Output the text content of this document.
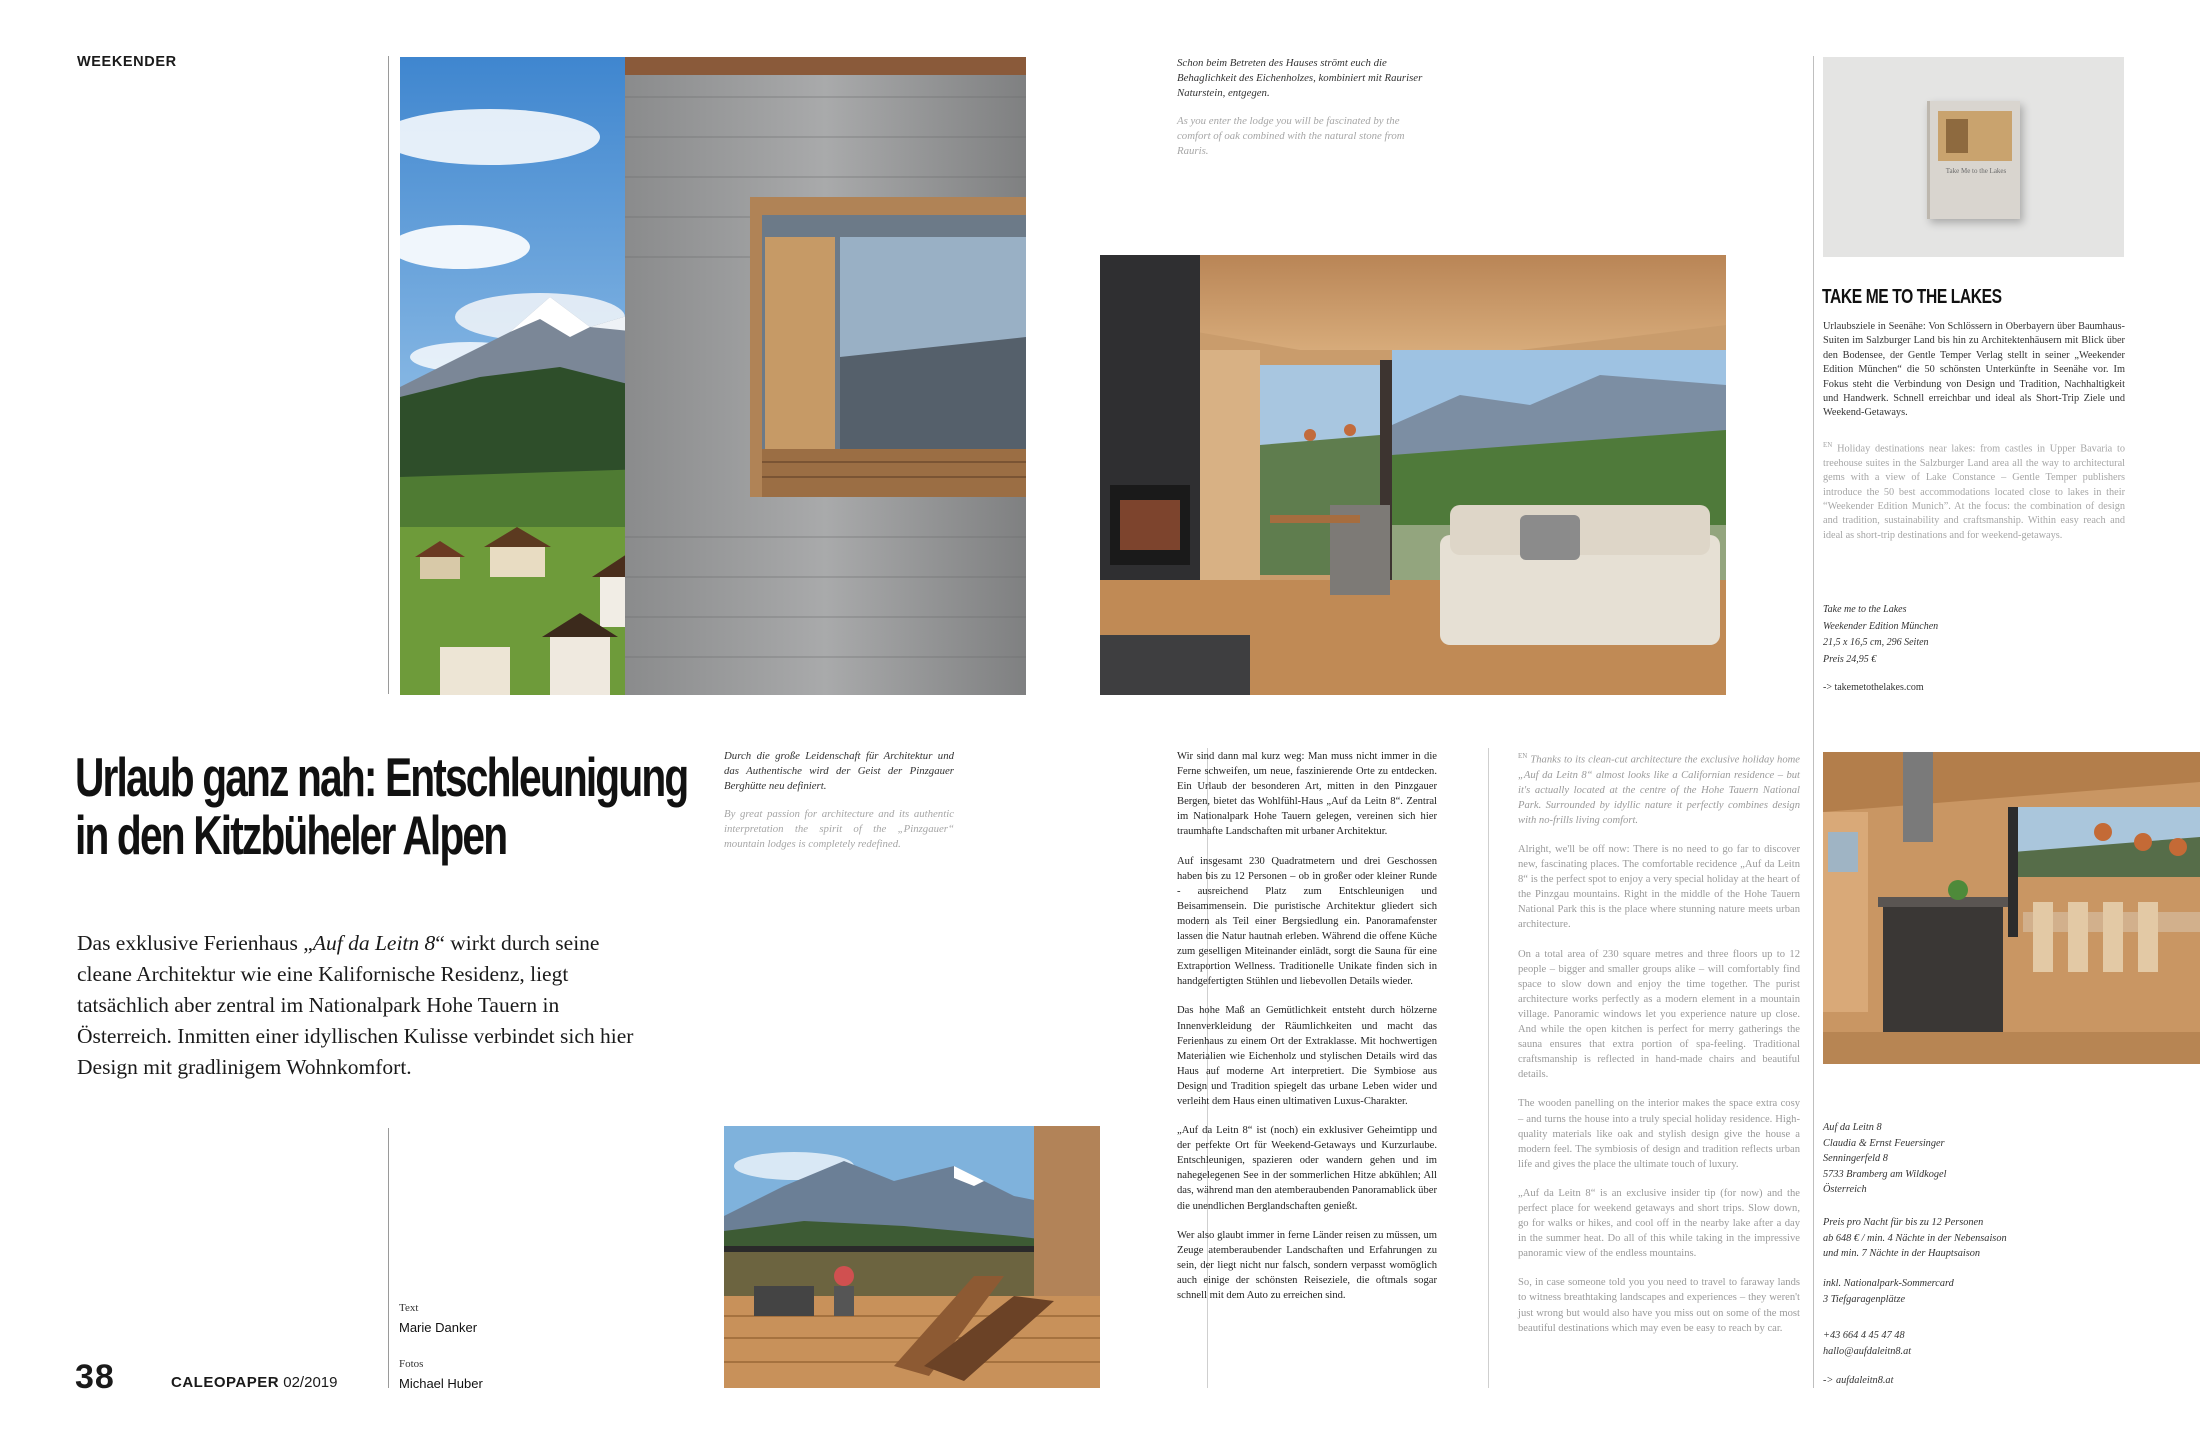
WEEKENDER
Urlaub ganz nah: Entschleunigung
in den Kitzbüheler Alpen
Das exklusive Ferienhaus „Auf da Leitn 8“ wirkt durch seine cleane Architektur wie eine Kalifornische Residenz, liegt tatsächlich aber zentral im Nationalpark Hohe Tauern in Österreich. Inmitten einer idyllischen Kulisse verbindet sich hier Design mit gradlinigem Wohnkomfort.
Text
Marie Danker
Fotos
Michael Huber
38	CALEOPAPER 02/2019
Durch die große Leidenschaft für Architektur und das Authentische wird der Geist der Pinzgauer Berghütte neu definiert.
By great passion for architecture and its authentic interpretation the spirit of the „Pinzgauer“ mountain lodges is completely redefined.
Schon beim Betreten des Hauses strömt euch die Behaglichkeit des Eichenholzes, kombiniert mit Rauriser Naturstein, entgegen.
As you enter the lodge you will be fascinated by the comfort of oak combined with the natural stone from Rauris.

Wir sind dann mal kurz weg: Man muss nicht immer in die Ferne schweifen, um neue, faszinierende Orte zu entdecken. Ein Urlaub der besonderen Art, mitten in den Pinzgauer Bergen, bietet das Wohlfühl-Haus „Auf da Leitn 8“. Zentral im Nationalpark Hohe Tauern gelegen, vereinen sich hier traumhafte Landschaften mit urbaner Architektur.

Auf insgesamt 230 Quadratmetern und drei Geschossen haben bis zu 12 Personen – ob in großer oder kleiner Runde - ausreichend Platz zum Entschleunigen und Beisammensein. Die puristische Architektur gliedert sich modern als Teil einer Bergsiedlung ein. Panoramafenster lassen die Natur hautnah erleben. Während die offene Küche zum geselligen Miteinander einlädt, sorgt die Sauna für eine Extraportion Wellness. Traditionelle Unikate finden sich in handgefertigten Stühlen und liebevollen Details wieder.

Das hohe Maß an Gemütlichkeit entsteht durch hölzerne Innenverkleidung der Räumlichkeiten und macht das Ferienhaus zu einem Ort der Extraklasse. Mit hochwertigen Materialien wie Eichenholz und stylischen Details wird das Haus auf moderne Art interpretiert. Die Symbiose aus Design und Tradition spiegelt das urbane Leben wider und verleiht dem Haus einen ultimativen Luxus-Charakter.

„Auf da Leitn 8“ ist (noch) ein exklusiver Geheimtipp und der perfekte Ort für Weekend-Getaways und Kurzurlaube. Entschleunigen, spazieren oder wandern gehen und im nahegelegenen See in der sommerlichen Hitze abkühlen; All das, während man den atemberaubenden Panoramablick über die unendlichen Berglandschaften genießt.

Wer also glaubt immer in ferne Länder reisen zu müssen, um Zeuge atemberaubender Landschaften und Erfahrungen zu sein, der liegt nicht nur falsch, sondern verpasst womöglich auch einige der schönsten Reiseziele, die oftmals sogar schnell mit dem Auto zu erreichen sind.

$^{EN}$ Thanks to its clean-cut architecture the exclusive holiday home „Auf da Leitn 8“ almost looks like a Californian residence – but it's actually located at the centre of the Hohe Tauern National Park. Surrounded by idyllic nature it perfectly combines design with no-frills living comfort.

Alright, we'll be off now: There is no need to go far to discover new, fascinating places. The comfortable recidence „Auf da Leitn 8“ is the perfect spot to enjoy a very special holiday at the heart of the Pinzgau mountains. Right in the middle of the Hohe Tauern National Park this is the place where stunning nature meets urban architecture.

On a total area of 230 square metres and three floors up to 12 people – bigger and smaller groups alike – will comfortably find space to slow down and enjoy the time together. The purist architecture works perfectly as a modern element in a mountain village. Panoramic windows let you experience nature up close. And while the open kitchen is perfect for merry gatherings the sauna ensures that extra portion of spa-feeling. Traditional craftsmanship is reflected in hand-made chairs and beautiful details.

The wooden panelling on the interior makes the space extra cosy – and turns the house into a truly special holiday residence. High-quality materials like oak and stylish design give the house a modern feel. The symbiosis of design and tradition reflects urban life and gives the place the ultimate touch of luxury.

„Auf da Leitn 8“ is an exclusive insider tip (for now) and the perfect place for weekend getaways and short trips. Slow down, go for walks or hikes, and cool off in the nearby lake after a day in the summer heat. Do all of this while taking in the impressive panoramic view of the endless mountains.

So, in case someone told you you need to travel to faraway lands to witness breathtaking landscapes and experiences – they weren't just wrong but would also have you miss out on some of the most beautiful destinations which may even be easy to reach by car.

Take Me to the Lakes
TAKE ME TO THE LAKES
Urlaubsziele in Seenähe: Von Schlössern in Oberbayern über Baumhaus-Suiten im Salzburger Land bis hin zu Architektenhäusern mit Blick über den Bodensee, der Gentle Temper Verlag stellt in seiner „Weekender Edition München“ die 50 schönsten Unterkünfte in Seenähe vor. Im Fokus steht die Verbindung von Design und Tradition, Nachhaltigkeit und Handwerk. Schnell erreichbar und ideal als Short-Trip Ziele und Weekend-Getaways.
$^{EN}$ Holiday destinations near lakes: from castles in Upper Bavaria to treehouse suites in the Salzburger Land area all the way to architectural gems with a view of Lake Constance – Gentle Temper publishers introduce the 50 best accommodations located close to lakes in their “Weekender Edition Munich”. At the focus: the combination of design and tradition, sustainability and craftsmanship. Within easy reach and ideal as short-trip destinations and for weekend-getaways.
Take me to the Lakes
Weekender Edition München
21,5 x 16,5 cm, 296 Seiten
Preis 24,95 €
-> takemetothelakes.com
Auf da Leitn 8
Claudia & Ernst Feuersinger
Senningerfeld 8
5733 Bramberg am Wildkogel
Österreich
Preis pro Nacht für bis zu 12 Personen
ab 648 € / min. 4 Nächte in der Nebensaison
und min. 7 Nächte in der Hauptsaison
inkl. Nationalpark-Sommercard
3 Tiefgaragenplätze
+43 664 4 45 47 48
hallo@aufdaleitn8.at
-> aufdaleitn8.at
